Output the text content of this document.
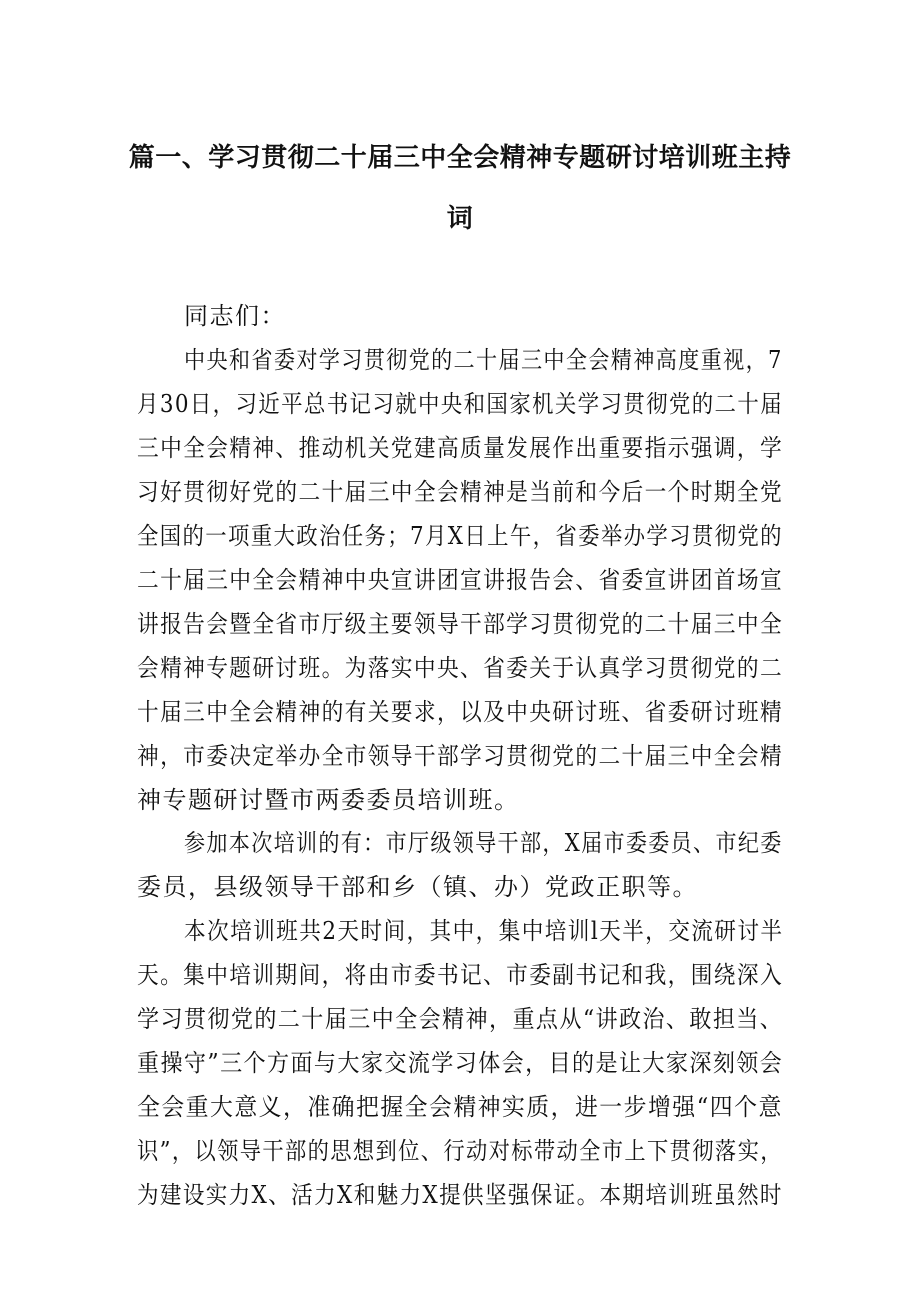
篇一、学习贯彻二十届三中全会精神专题研讨培训班主持
词
同志们：
中央和省委对学习贯彻党的二十届三中全会精神高度重视，7
月30日，习近平总书记习就中央和国家机关学习贯彻党的二十届
三中全会精神、推动机关党建高质量发展作出重要指示强调，学
习好贯彻好党的二十届三中全会精神是当前和今后一个时期全党
全国的一项重大政治任务；7月X日上午，省委举办学习贯彻党的
二十届三中全会精神中央宣讲团宣讲报告会、省委宣讲团首场宣
讲报告会暨全省市厅级主要领导干部学习贯彻党的二十届三中全
会精神专题研讨班。为落实中央、省委关于认真学习贯彻党的二
十届三中全会精神的有关要求，以及中央研讨班、省委研讨班精
神，市委决定举办全市领导干部学习贯彻党的二十届三中全会精
神专题研讨暨市两委委员培训班。
参加本次培训的有：市厅级领导干部，X届市委委员、市纪委
委员，县级领导干部和乡（镇、办）党政正职等。
本次培训班共2天时间，其中，集中培训l天半，交流研讨半
天。集中培训期间，将由市委书记、市委副书记和我，围绕深入
学习贯彻党的二十届三中全会精神，重点从“讲政治、敢担当、
重操守”三个方面与大家交流学习体会，目的是让大家深刻领会
全会重大意义，准确把握全会精神实质，进一步增强“四个意
识”，以领导干部的思想到位、行动对标带动全市上下贯彻落实，
为建设实力X、活力X和魅力X提供坚强保证。本期培训班虽然时
